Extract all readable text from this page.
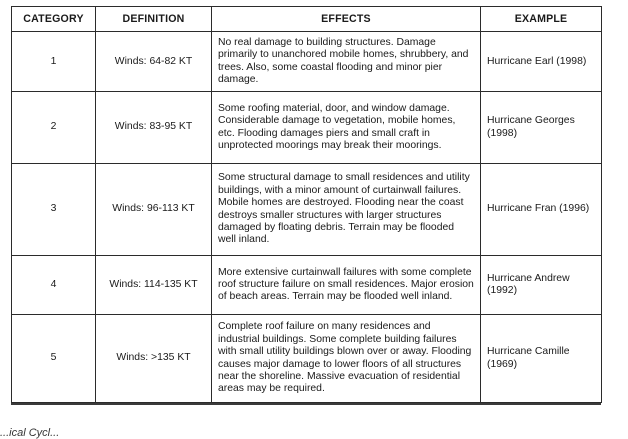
CATEGORY	DEFINITION	EFFECTS	EXAMPLE
1	Winds: 64-82 KT	No real damage to building structures. Damage primarily to unanchored mobile homes, shrubbery, and trees. Also, some coastal flooding and minor pier damage.	Hurricane Earl (1998)
2	Winds: 83-95 KT	Some roofing material, door, and window damage. Considerable damage to vegetation, mobile homes, etc. Flooding damages piers and small craft in unprotected moorings may break their moorings.	Hurricane Georges (1998)
3	Winds: 96-113 KT	Some structural damage to small residences and utility buildings, with a minor amount of curtainwall failures. Mobile homes are destroyed. Flooding near the coast destroys smaller structures with larger structures damaged by floating debris. Terrain may be flooded well inland.	Hurricane Fran (1996)
4	Winds: 114-135 KT	More extensive curtainwall failures with some complete roof structure failure on small residences. Major erosion of beach areas. Terrain may be flooded well inland.	Hurricane Andrew (1992)
5	Winds: >135 KT	Complete roof failure on many residences and industrial buildings. Some complete building failures with small utility buildings blown over or away. Flooding causes major damage to lower floors of all structures near the shoreline. Massive evacuation of residential areas may be required.	Hurricane Camille (1969)
...ical Cycl...
